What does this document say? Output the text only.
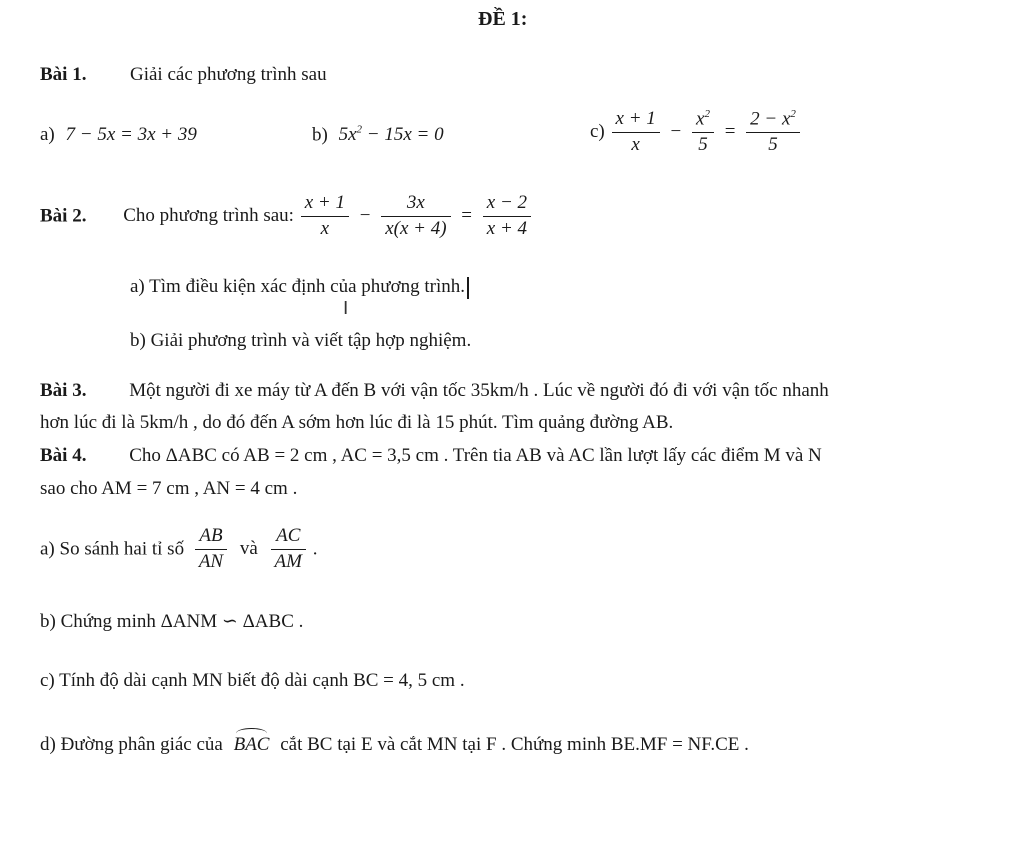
ĐỀ 1:
Bài 1. Giải các phương trình sau
a) 7 − 5x = 3x + 39	b) $5x^2 - 15x = 0$	$c) \frac{x + 1}{x} - \frac{x^2}{5} = \frac{2 - x^2}{5}$
Bài 2. Cho phương trình sau: $\frac{x + 1}{x} - \frac{3x}{x(x + 4)} = \frac{x - 2}{x + 4}$
a) Tìm điều kiện xác định của phương trình.
I
b) Giải phương trình và viết tập hợp nghiệm.
Bài 3. Một người đi xe máy từ A đến B với vận tốc 35km/h . Lúc về người đó đi với vận tốc nhanh
hơn lúc đi là 5km/h , do đó đến A sớm hơn lúc đi là 15 phút. Tìm quảng đường AB.
Bài 4. Cho ΔABC có AB = 2 cm , AC = 3,5 cm . Trên tia AB và AC lần lượt lấy các điểm M và N
sao cho AM = 7 cm , AN = 4 cm .
a) So sánh hai tỉ số $\frac{AB}{AN}$ và $\frac{AC}{AM}$ .
b) Chứng minh ΔANM ∽ ΔABC .
c) Tính độ dài cạnh MN biết độ dài cạnh BC = 4, 5 cm .
d) Đường phân giác của BAC cắt BC tại E và cắt MN tại F . Chứng minh BE.MF = NF.CE .
